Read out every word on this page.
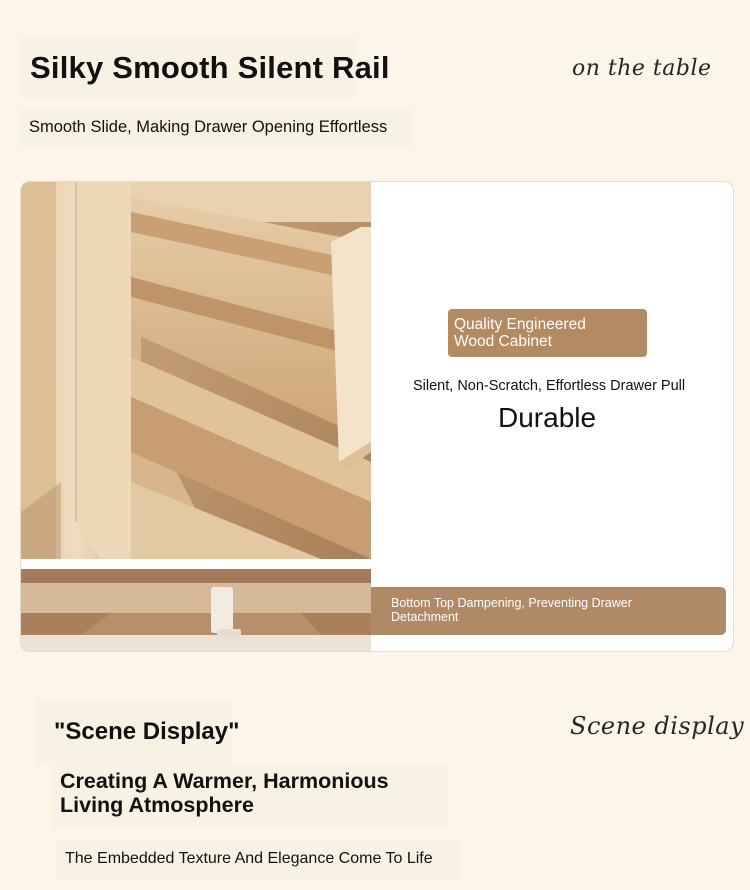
Silky Smooth Silent Rail
Smooth Slide, Making Drawer Opening Effortless
on the table
Quality Engineered
Wood Cabinet
Silent, Non-Scratch, Effortless Drawer Pull
Durable
Bottom Top Dampening, Preventing Drawer Detachment
"Scene Display"	Scene display
Creating A Warmer, Harmonious
Living Atmosphere
The Embedded Texture And Elegance Come To Life
